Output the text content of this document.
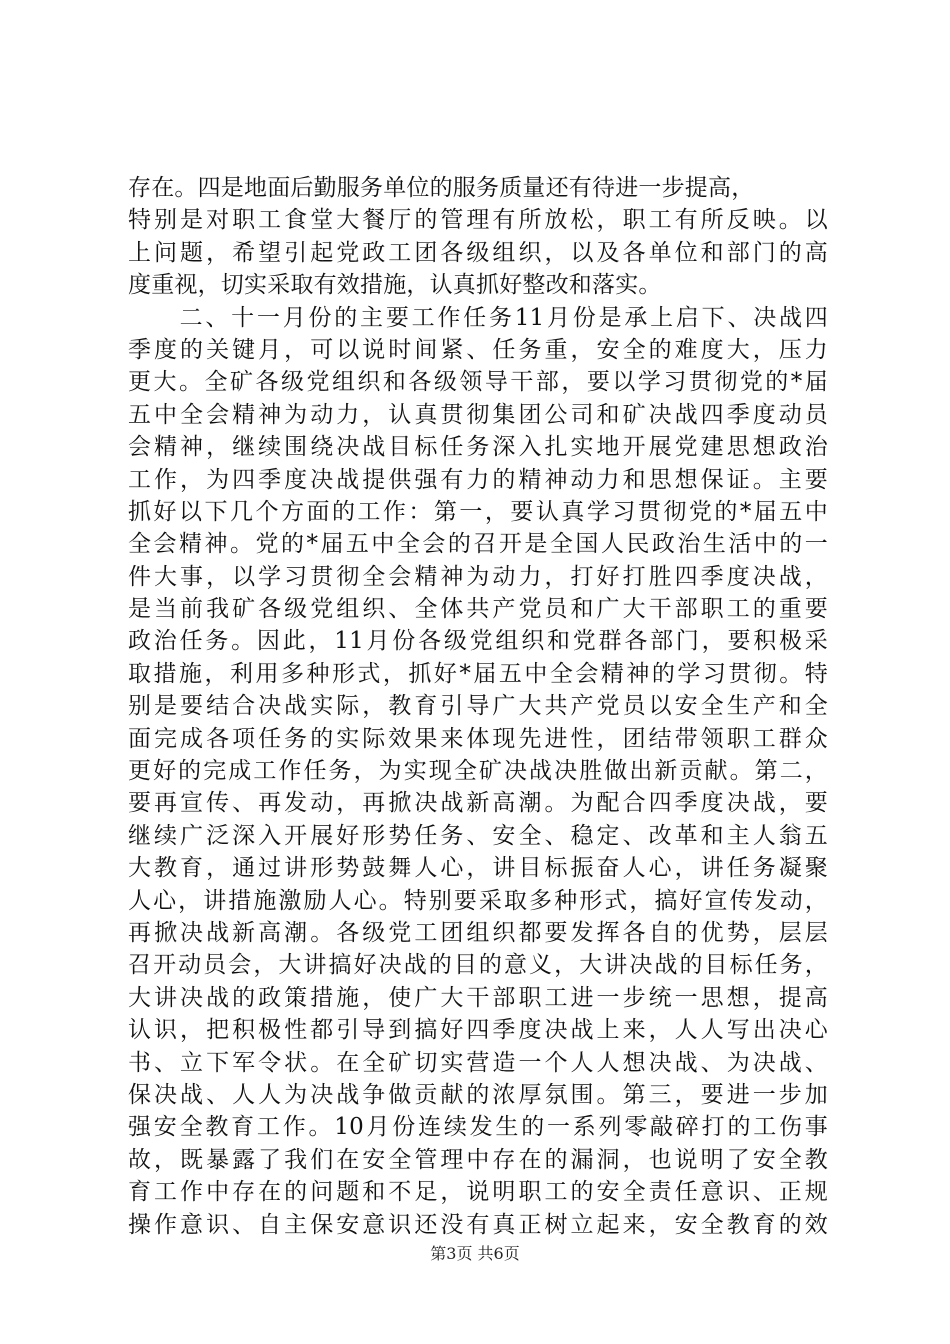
存在。四是地面后勤服务单位的服务质量还有待进一步提高，
特别是对职工食堂大餐厅的管理有所放松，职工有所反映。以
上问题，希望引起党政工团各级组织，以及各单位和部门的高
度重视，切实采取有效措施，认真抓好整改和落实。
　　二、十一月份的主要工作任务11月份是承上启下、决战四
季度的关键月，可以说时间紧、任务重，安全的难度大，压力
更大。全矿各级党组织和各级领导干部，要以学习贯彻党的*届
五中全会精神为动力，认真贯彻集团公司和矿决战四季度动员
会精神，继续围绕决战目标任务深入扎实地开展党建思想政治
工作，为四季度决战提供强有力的精神动力和思想保证。主要
抓好以下几个方面的工作：第一，要认真学习贯彻党的*届五中
全会精神。党的*届五中全会的召开是全国人民政治生活中的一
件大事，以学习贯彻全会精神为动力，打好打胜四季度决战，
是当前我矿各级党组织、全体共产党员和广大干部职工的重要
政治任务。因此，11月份各级党组织和党群各部门，要积极采
取措施，利用多种形式，抓好*届五中全会精神的学习贯彻。特
别是要结合决战实际，教育引导广大共产党员以安全生产和全
面完成各项任务的实际效果来体现先进性，团结带领职工群众
更好的完成工作任务，为实现全矿决战决胜做出新贡献。第二，
要再宣传、再发动，再掀决战新高潮。为配合四季度决战，要
继续广泛深入开展好形势任务、安全、稳定、改革和主人翁五
大教育，通过讲形势鼓舞人心，讲目标振奋人心，讲任务凝聚
人心，讲措施激励人心。特别要采取多种形式，搞好宣传发动，
再掀决战新高潮。各级党工团组织都要发挥各自的优势，层层
召开动员会，大讲搞好决战的目的意义，大讲决战的目标任务，
大讲决战的政策措施，使广大干部职工进一步统一思想，提高
认识，把积极性都引导到搞好四季度决战上来，人人写出决心
书、立下军令状。在全矿切实营造一个人人想决战、为决战、
保决战、人人为决战争做贡献的浓厚氛围。第三，要进一步加
强安全教育工作。10月份连续发生的一系列零敲碎打的工伤事
故，既暴露了我们在安全管理中存在的漏洞，也说明了安全教
育工作中存在的问题和不足，说明职工的安全责任意识、正规
操作意识、自主保安意识还没有真正树立起来，安全教育的效
第3页 共6页
